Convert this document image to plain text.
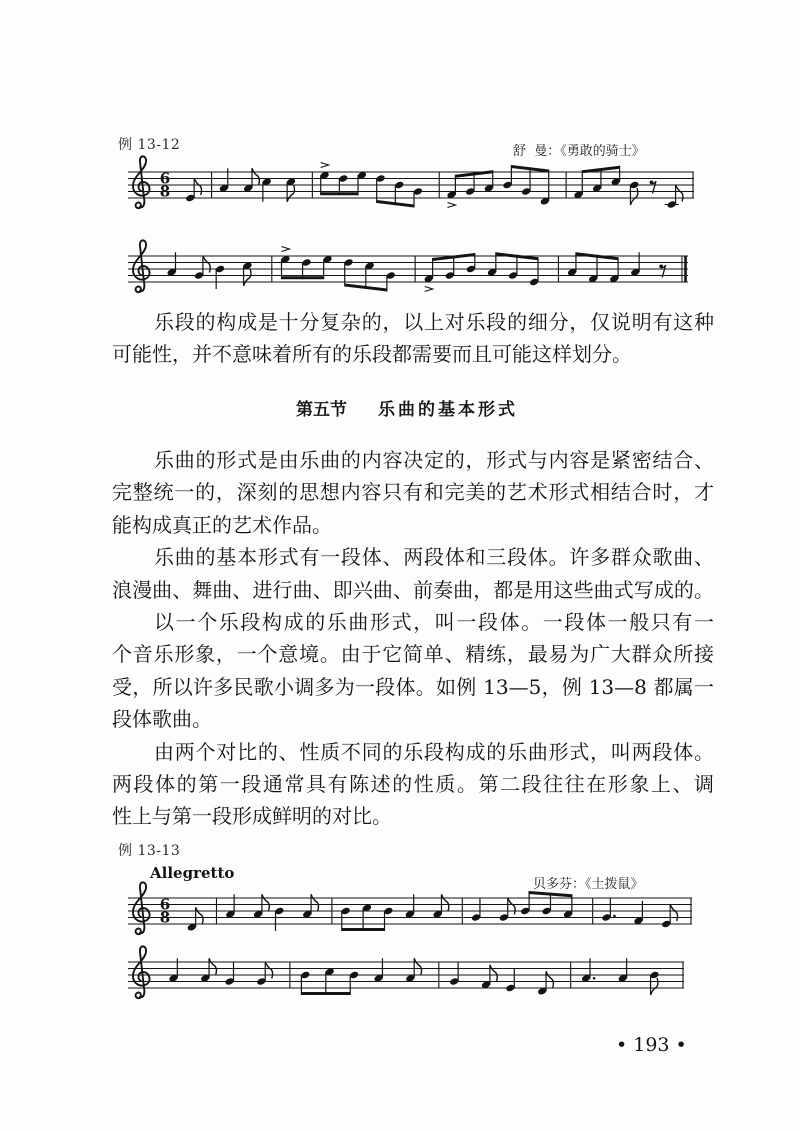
例 13-12	舒  曼：《勇敢的骑士》
6
8
乐段的构成是十分复杂的，以上对乐段的细分，仅说明有这种
可能性，并不意味着所有的乐段都需要而且可能这样划分。
第五节 乐曲的基本形式
乐曲的形式是由乐曲的内容决定的，形式与内容是紧密结合、
完整统一的，深刻的思想内容只有和完美的艺术形式相结合时，才
能构成真正的艺术作品。
乐曲的基本形式有一段体、两段体和三段体。许多群众歌曲、
浪漫曲、舞曲、进行曲、即兴曲、前奏曲，都是用这些曲式写成的。
以一个乐段构成的乐曲形式，叫一段体。一段体一般只有一
个音乐形象，一个意境。由于它简单、精练，最易为广大群众所接
受，所以许多民歌小调多为一段体。如例 13—5，例 13—8 都属一
段体歌曲。
由两个对比的、性质不同的乐段构成的乐曲形式，叫两段体。
两段体的第一段通常具有陈述的性质。第二段往往在形象上、调
性上与第一段形成鲜明的对比。
例 13-13
Allegretto
贝多芬：《土拨鼠》
6
8
• 193 •
